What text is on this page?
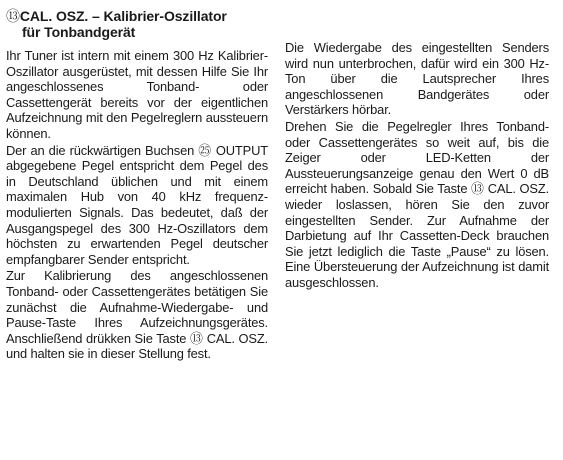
⑬CAL. OSZ. – Kalibrier-Oszillator
für Tonbandgerät

Ihr Tuner ist intern mit einem 300 Hz Kalibrier-Oszillator ausgerüstet, mit dessen Hilfe Sie Ihr angeschlossenes Tonband- oder Cassettengerät bereits vor der eigentlichen Aufzeichnung mit den Pegelreglern aussteuern können.

Der an die rückwärtigen Buchsen ㉕ OUTPUT abgegebene Pegel entspricht dem Pegel des in Deutschland üblichen und mit einem maximalen Hub von 40 kHz frequenz-modulierten Signals. Das bedeutet, daß der Ausgangspegel des 300 Hz-Oszillators dem höchsten zu erwartenden Pegel deutscher empfangbarer Sender entspricht.

Zur Kalibrierung des angeschlossenen Tonband- oder Cassettengerätes betätigen Sie zunächst die Aufnahme-Wiedergabe- und Pause-Taste Ihres Aufzeichnungsgerätes. Anschließend drükken Sie Taste ⑬ CAL. OSZ. und halten sie in dieser Stellung fest.

Die Wiedergabe des eingestellten Senders wird nun unterbrochen, dafür wird ein 300 Hz-Ton über die Lautsprecher Ihres angeschlossenen Bandgerätes oder Verstärkers hörbar.

Drehen Sie die Pegelregler Ihres Tonband- oder Cassettengerätes so weit auf, bis die Zeiger oder LED-Ketten der Aussteuerungsanzeige genau den Wert 0 dB erreicht haben. Sobald Sie Taste ⑬ CAL. OSZ. wieder loslassen, hören Sie den zuvor eingestellten Sender. Zur Aufnahme der Darbietung auf Ihr Cassetten-Deck brauchen Sie jetzt lediglich die Taste „Pause“ zu lösen. Eine Übersteuerung der Aufzeichnung ist damit ausgeschlossen.
